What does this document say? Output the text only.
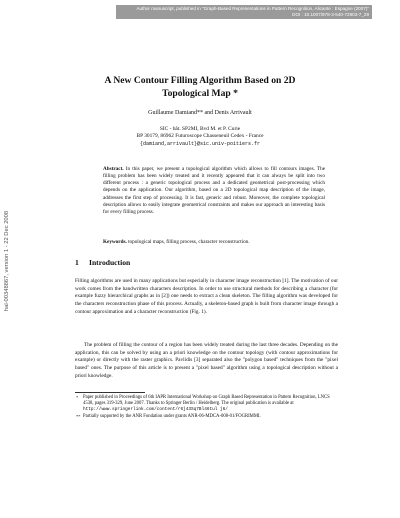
Author manuscript, published in "Graph-Based Representations in Pattern Recognition, Alicante : Espagne (2007)"
DOI : 10.1007/978-3-540-72903-7_29
hal-00348867, version 1 - 22 Dec 2008
A New Contour Filling Algorithm Based on 2D
Topological Map *
Guillaume Damiand** and Denis Arrivault
SIC - bât. SP2MI, Bvd M. et P. Curie
BP 30179, 86962 Futuroscope Chasseneuil Cedex - France
{damiand,arrivault}@sic.univ-poitiers.fr
Abstract. In this paper, we present a topological algorithm which allows to fill contours images. The filling problem has been widely treated and it recently appeared that it can always be split into two different process : a generic topological process and a dedicated geometrical post-processing which depends on the application. Our algorithm, based on a 2D topological map description of the image, addresses the first step of processing. It is fast, generic and robust. Moreover, the complete topological description allows to easily integrate geometrical constraints and makes our approach an interesting basis for every filling process.
Keywords. topological maps, filling process, character reconstruction.
1 Introduction
Filling algorithms are used in many applications but especially in character image reconstruction [1]. The motivation of our work comes from the handwritten characters description. In order to use structural methods for describing a character (for example fuzzy hierarchical graphs as in [2]) one needs to extract a clean skeleton. The filling algorithm was developed for the characters reconstruction phase of this process. Actually, a skeleton-based graph is built from character image through a contour approximation and a character reconstruction (Fig. 1).
The problem of filling the contour of a region has been widely treated during the last three decades. Depending on the application, this can be solved by using an a priori knowledge on the contour topology (with contour approximations for example) or directly with the raster graphics. Pavlidis [3] separated also the "polygon based" techniques from the "pixel based" ones. The purpose of this article is to present a "pixel based" algorithm using a topological description without a priori knowledge.
* Paper published in Proceedings of 6th IAPR International Workshop on Graph Based Representation in Pattern Recognition, LNCS 4538, pages 319-329, June 2007. Thanks to Springer Berlin / Heidelberg. The original publication is available at http://www.springerlink.com/content/r6j43Sq7Bl46tul j6/
** Partially supported by the ANR Fondation under grants ANR-06-MDCA-008-01/FOGRIMMI.
